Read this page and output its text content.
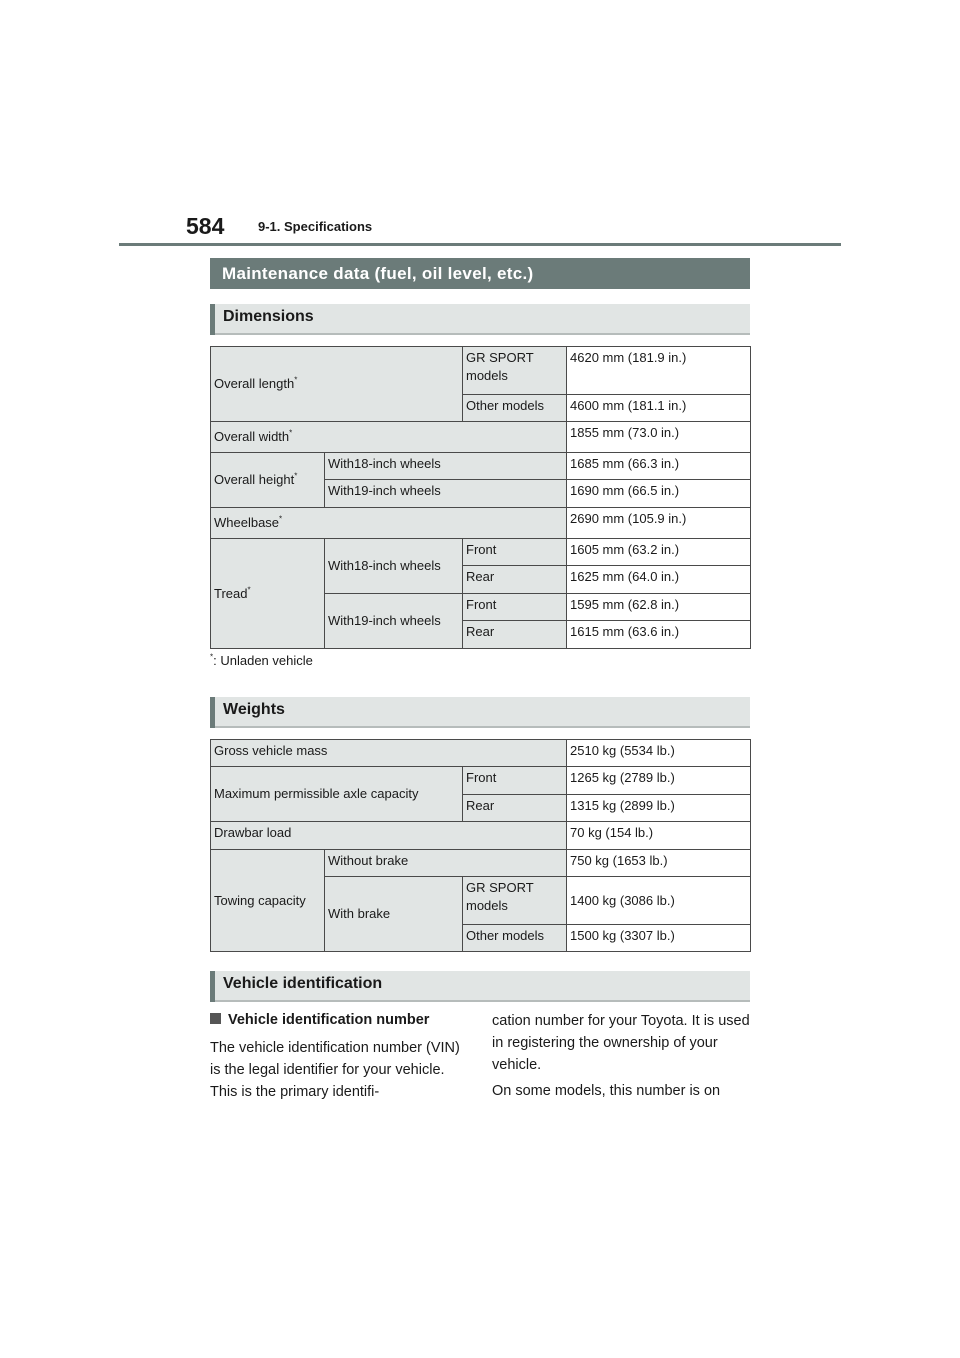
584	9-1. Specifications
Maintenance data (fuel, oil level, etc.)
Dimensions
Overall length*		GR SPORT models	4620 mm (181.9 in.)
		Other models	4600 mm (181.1 in.)
Overall width*			1855 mm (73.0 in.)
Overall height*	With18-inch wheels		1685 mm (66.3 in.)
	With19-inch wheels		1690 mm (66.5 in.)
Wheelbase*			2690 mm (105.9 in.)
Tread*	With18-inch wheels	Front	1605 mm (63.2 in.)
		Rear	1625 mm (64.0 in.)
	With19-inch wheels	Front	1595 mm (62.8 in.)
		Rear	1615 mm (63.6 in.)
*: Unladen vehicle
Weights
Gross vehicle mass			2510 kg (5534 lb.)
Maximum permissible axle capacity		Front	1265 kg (2789 lb.)
		Rear	1315 kg (2899 lb.)
Drawbar load			70 kg (154 lb.)
Towing capacity	Without brake		750 kg (1653 lb.)
	With brake	GR SPORT models	1400 kg (3086 lb.)
		Other models	1500 kg (3307 lb.)
Vehicle identification
Vehicle identification number

The vehicle identification number (VIN) is the legal identifier for your vehicle. This is the primary identifi-

cation number for your Toyota. It is used in registering the ownership of your vehicle.

On some models, this number is on
